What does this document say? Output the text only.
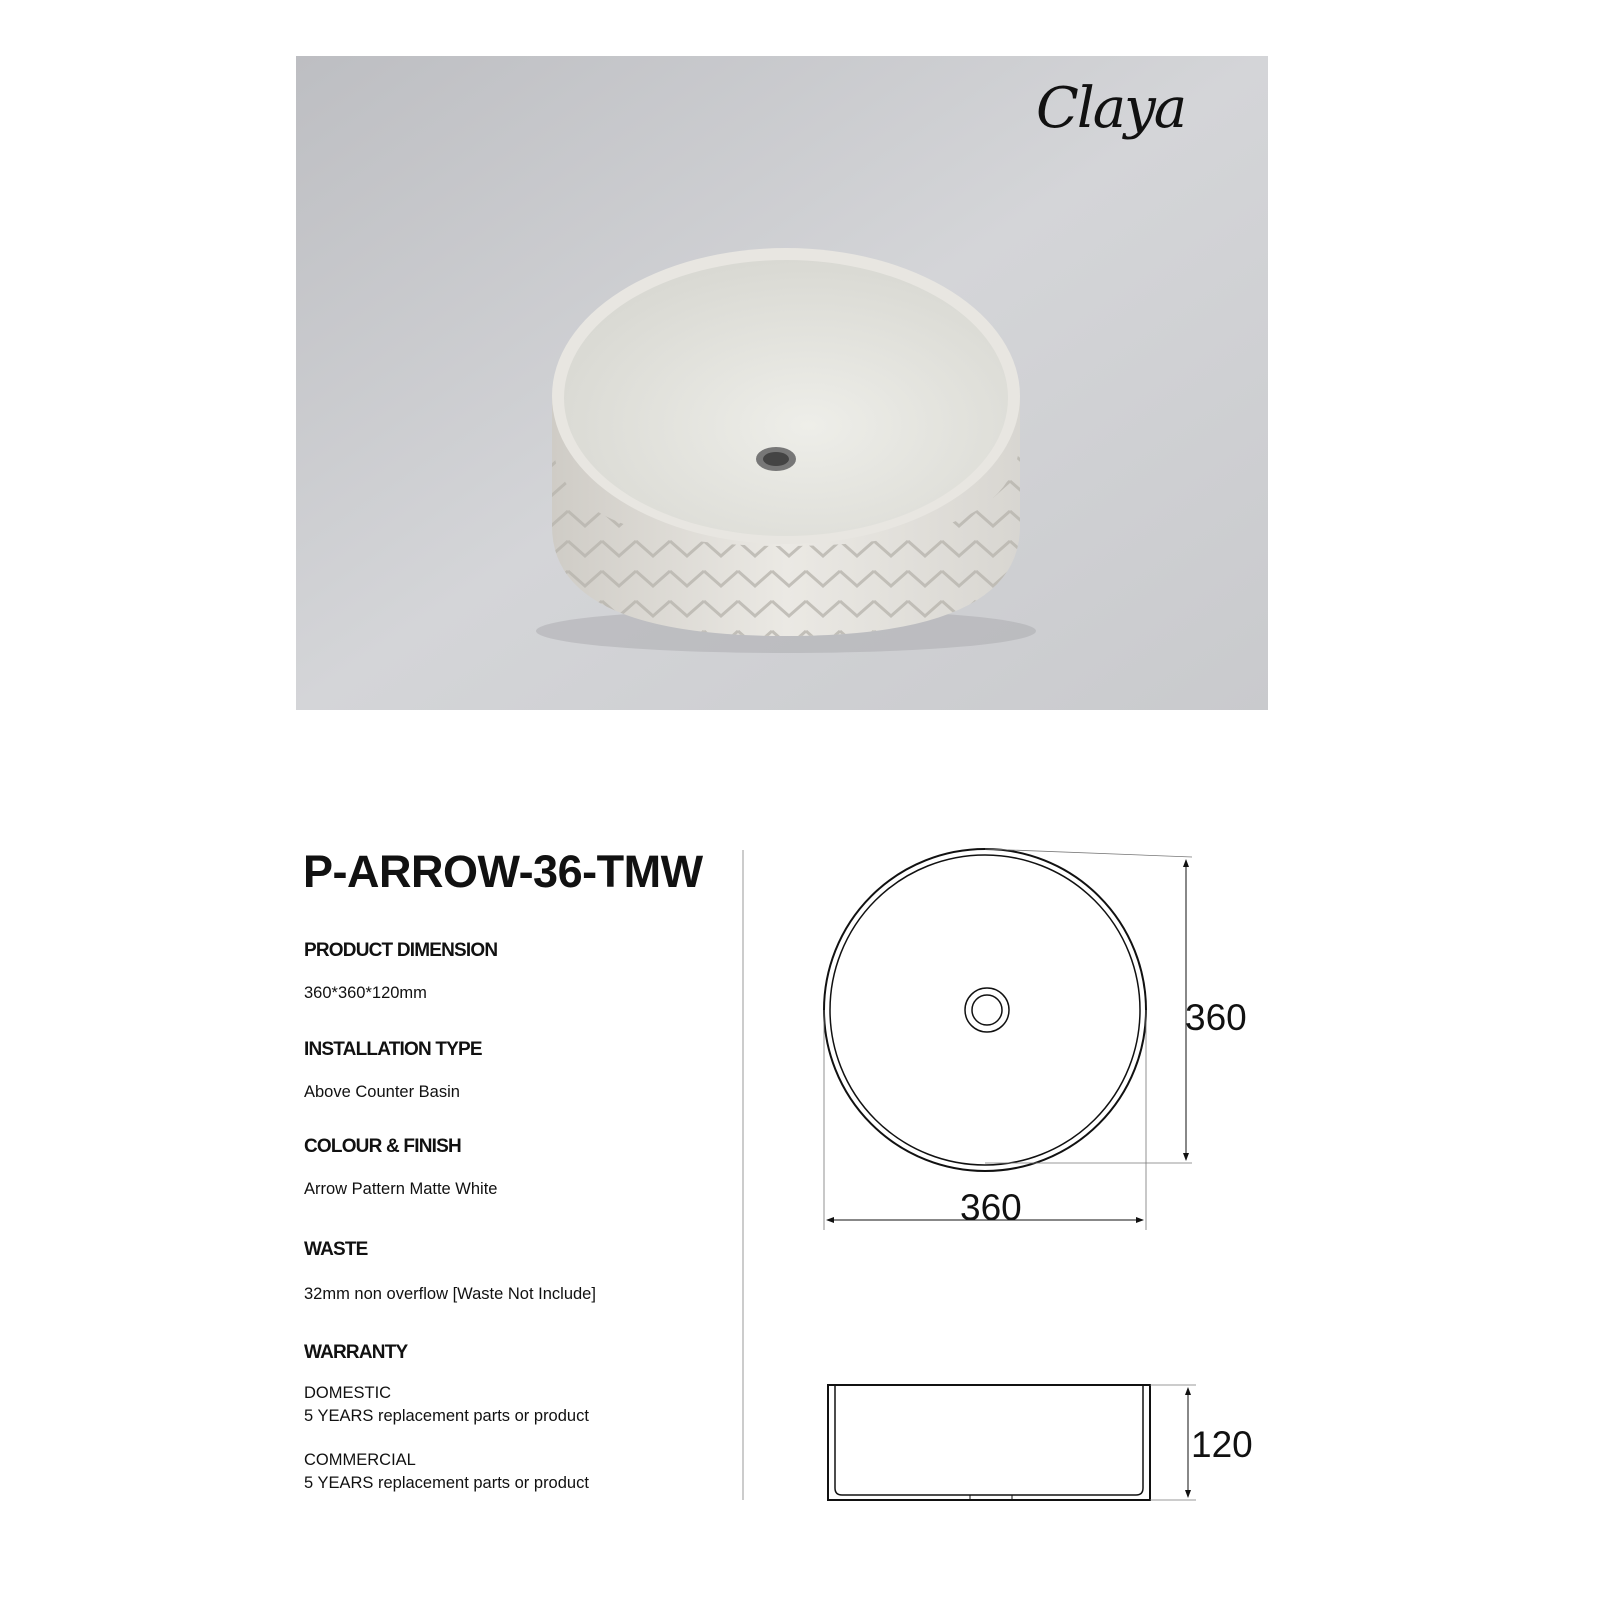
Claya
P-ARROW-36-TMW
PRODUCT DIMENSION
360*360*120mm
INSTALLATION TYPE
Above Counter Basin
COLOUR & FINISH
Arrow Pattern Matte White
WASTE
32mm non overflow [Waste Not Include]
WARRANTY
DOMESTIC
5 YEARS replacement parts or product
COMMERCIAL
5 YEARS replacement parts or product
360
360
120
